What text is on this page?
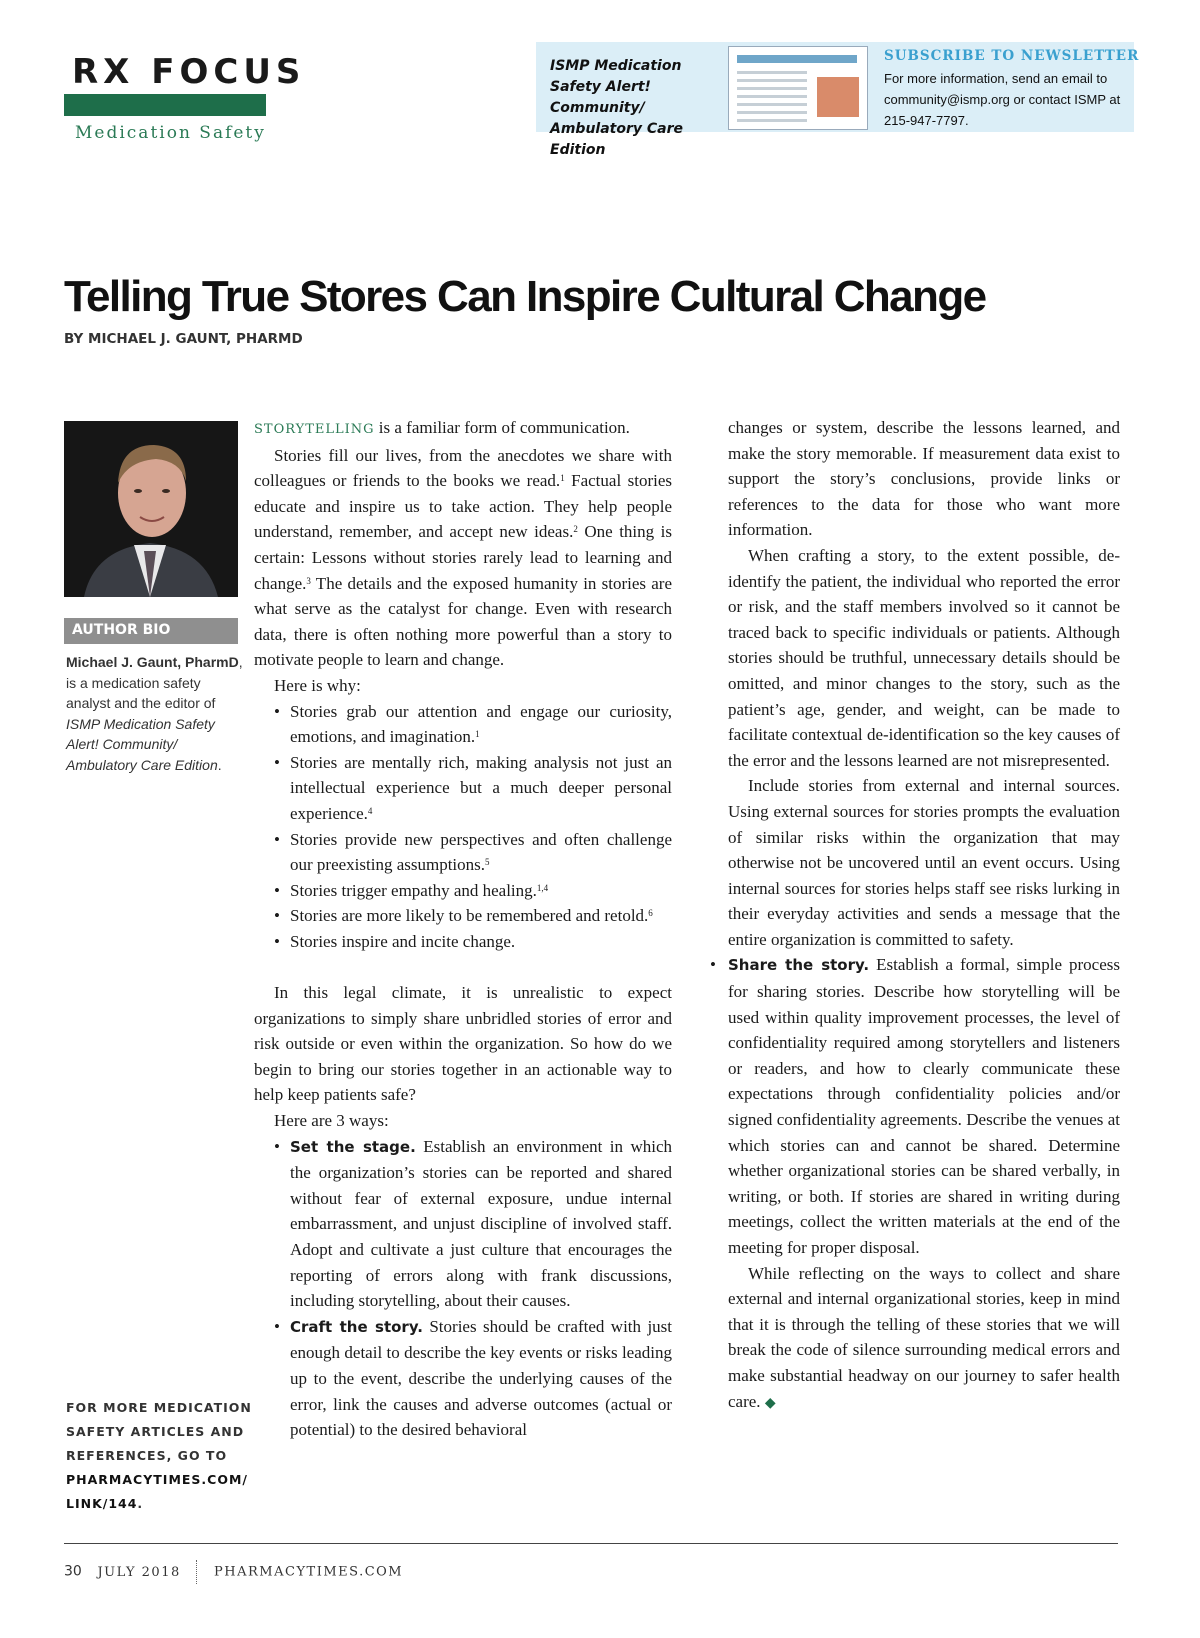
RX FOCUS
Medication Safety
ISMP Medication Safety Alert! Community/ Ambulatory Care Edition
SUBSCRIBE TO NEWSLETTER
For more information, send an email to community@ismp.org or contact ISMP at 215-947-7797.
Telling True Stores Can Inspire Cultural Change
BY MICHAEL J. GAUNT, PHARMD
AUTHOR BIO
Michael J. Gaunt, PharmD, is a medication safety analyst and the editor of ISMP Medication Safety Alert! Community/ Ambulatory Care Edition.
FOR MORE MEDICATION SAFETY ARTICLES AND REFERENCES, GO TO PHARMACYTIMES.COM/ LINK/144.

STORYTELLING is a familiar form of communication.

Stories fill our lives, from the anecdotes we share with colleagues or friends to the books we read.$^1$ Factual stories educate and inspire us to take action. They help people understand, remember, and accept new ideas.$^2$ One thing is certain: Lessons without stories rarely lead to learning and change.$^3$ The details and the exposed humanity in stories are what serve as the catalyst for change. Even with research data, there is often nothing more powerful than a story to motivate people to learn and change.

Here is why:

• Stories grab our attention and engage our curiosity, emotions, and imagination.$^1$
• Stories are mentally rich, making analysis not just an intellectual experience but a much deeper personal experience.$^4$
• Stories provide new perspectives and often challenge our preexisting assumptions.$^5$
• Stories trigger empathy and healing.$^{1,4}$
• Stories are more likely to be remembered and retold.$^6$
• Stories inspire and incite change.

In this legal climate, it is unrealistic to expect organizations to simply share unbridled stories of error and risk outside or even within the organization. So how do we begin to bring our stories together in an actionable way to help keep patients safe?

Here are 3 ways:

• Set the stage. Establish an environment in which the organization’s stories can be reported and shared without fear of external exposure, undue internal embarrassment, and unjust discipline of involved staff. Adopt and cultivate a just culture that encourages the reporting of errors along with frank discussions, including storytelling, about their causes.
• Craft the story. Stories should be crafted with just enough detail to describe the key events or risks leading up to the event, describe the underlying causes of the error, link the causes and adverse outcomes (actual or potential) to the desired behavioral

changes or system, describe the lessons learned, and make the story memorable. If measurement data exist to support the story’s conclusions, provide links or references to the data for those who want more information.

When crafting a story, to the extent possible, de-identify the patient, the individual who reported the error or risk, and the staff members involved so it cannot be traced back to specific individuals or patients. Although stories should be truthful, unnecessary details should be omitted, and minor changes to the story, such as the patient’s age, gender, and weight, can be made to facilitate contextual de-identification so the key causes of the error and the lessons learned are not misrepresented.

Include stories from external and internal sources. Using external sources for stories prompts the evaluation of similar risks within the organization that may otherwise not be uncovered until an event occurs. Using internal sources for stories helps staff see risks lurking in their everyday activities and sends a message that the entire organization is committed to safety.

• Share the story. Establish a formal, simple process for sharing stories. Describe how storytelling will be used within quality improvement processes, the level of confidentiality required among storytellers and listeners or readers, and how to clearly communicate these expectations through confidentiality policies and/or signed confidentiality agreements. Describe the venues at which stories can and cannot be shared. Determine whether organizational stories can be shared verbally, in writing, or both. If stories are shared in writing during meetings, collect the written materials at the end of the meeting for proper disposal.

While reflecting on the ways to collect and share external and internal organizational stories, keep in mind that it is through the telling of these stories that we will break the code of silence surrounding medical errors and make substantial headway on our journey to safer health care. ◆

30 JULY 2018	PHARMACYTIMES.COM
